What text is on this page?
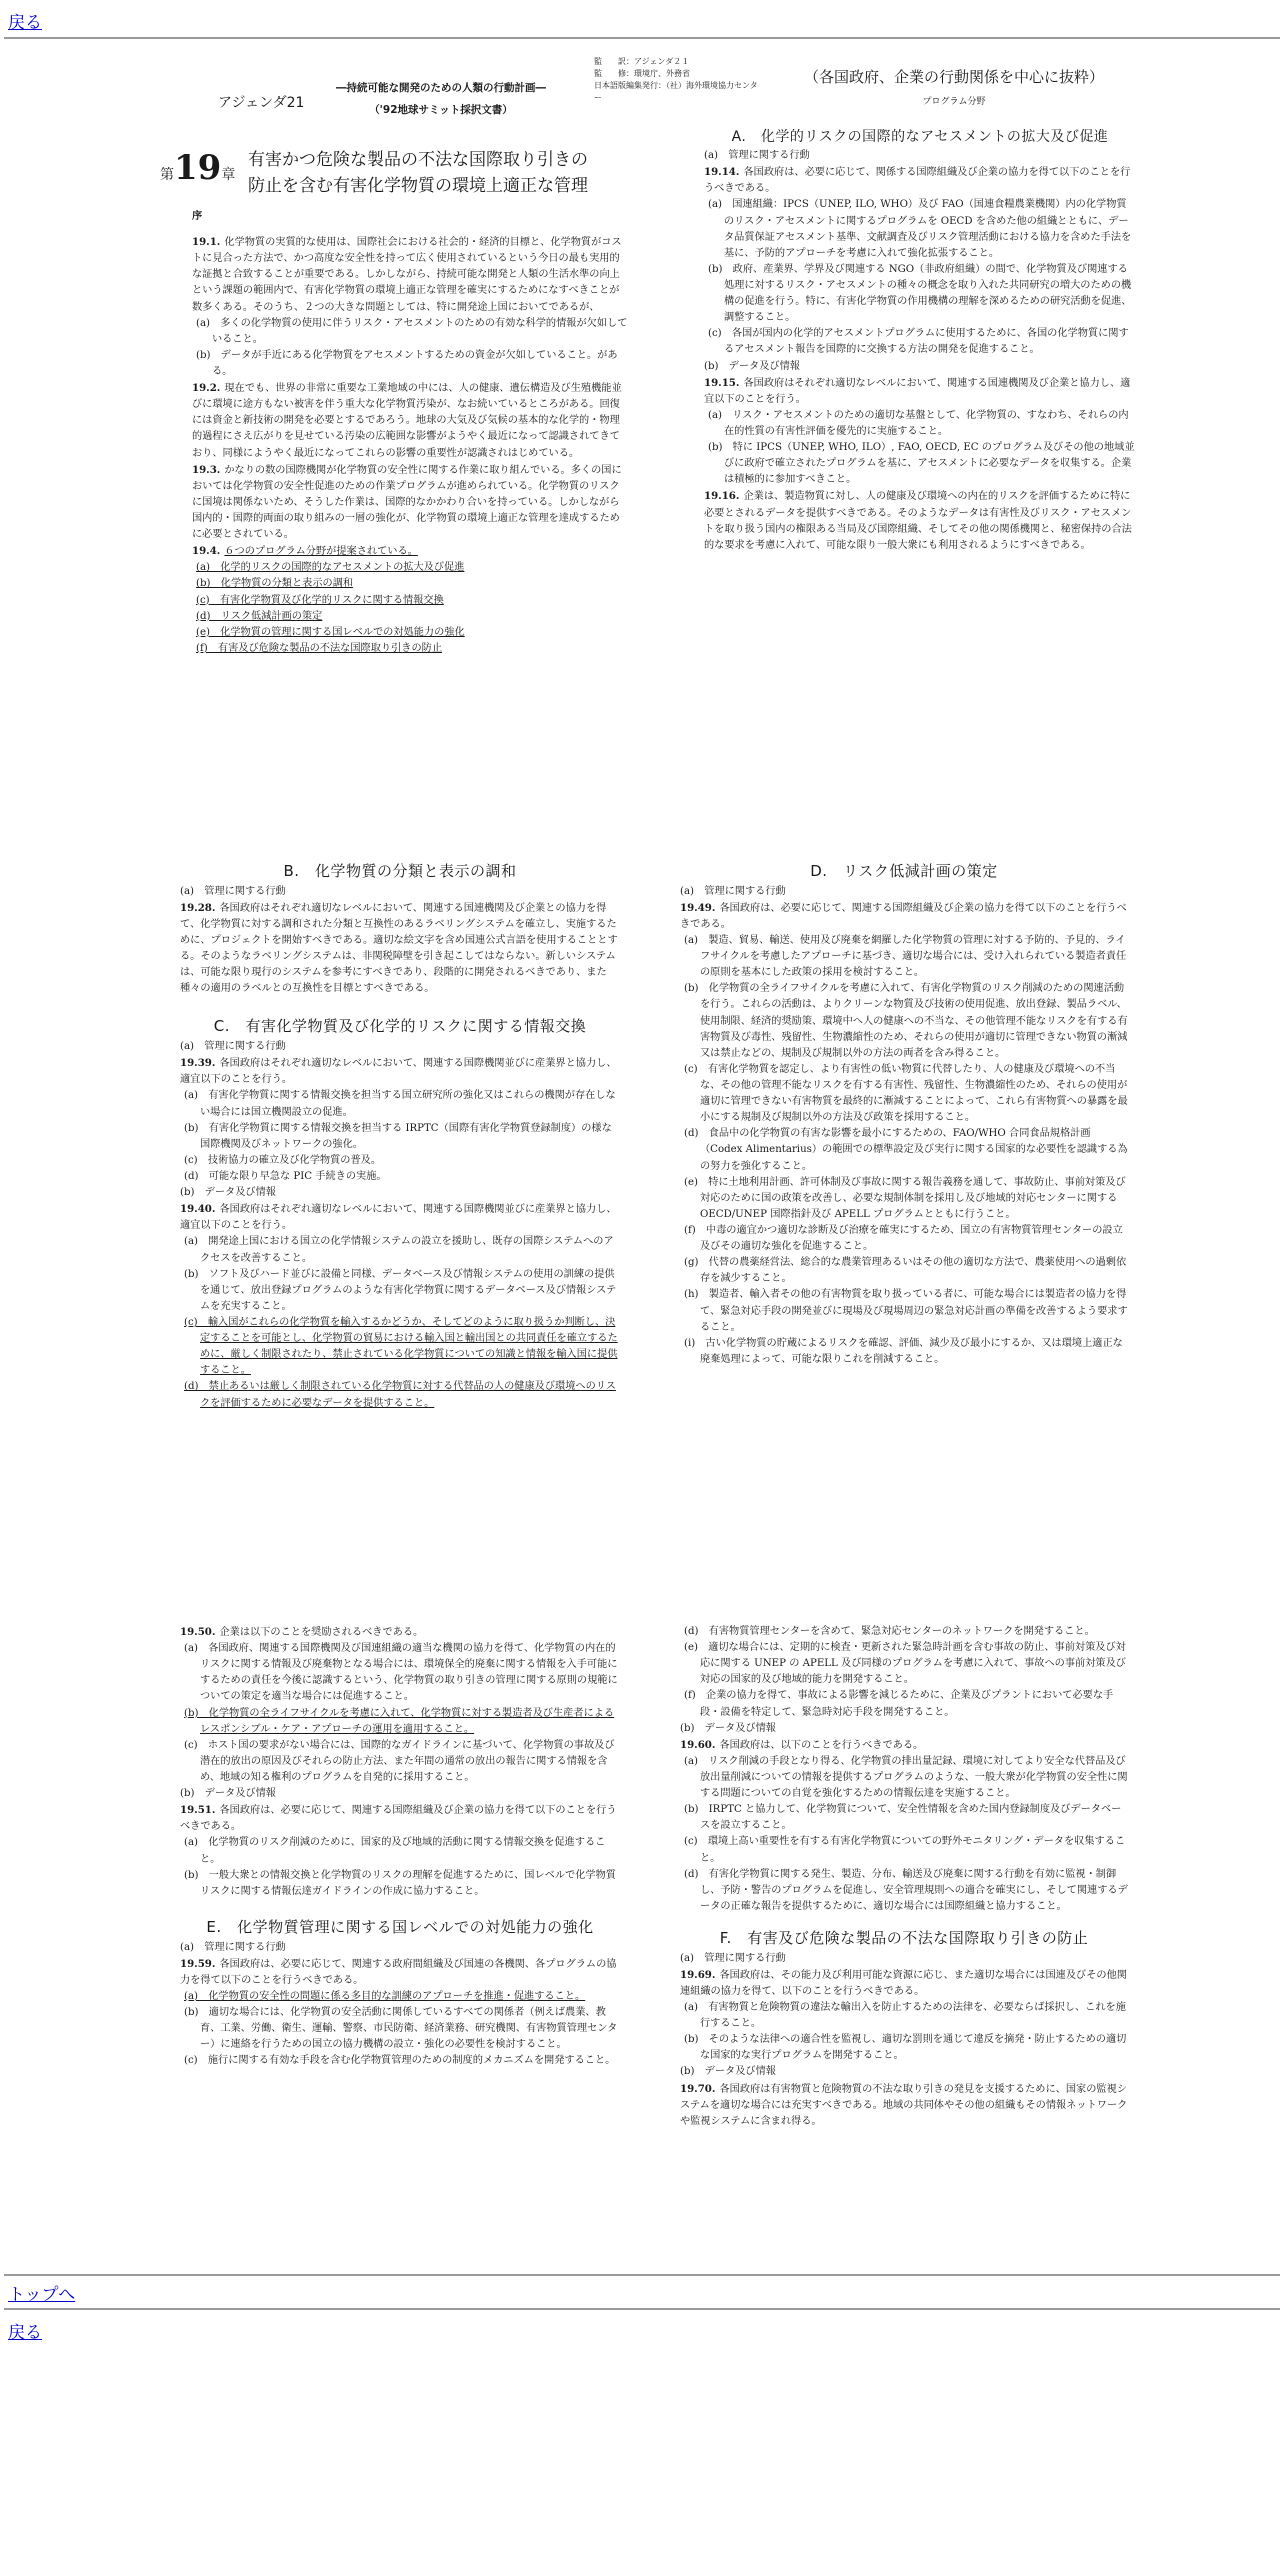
戻る
アジェンダ21
―持続可能な開発のための人類の行動計画―
（'92地球サミット採択文書）
監　　訳：アジェンダ２１
監　　修：環境庁、外務省
日本語版編集発行：（社）海外環境協力センター
第19章
有害かつ危険な製品の不法な国際取り引きの
防止を含む有害化学物質の環境上適正な管理

序

19.1. 化学物質の実質的な使用は、国際社会における社会的・経済的目標と、化学物質がコストに見合った方法で、かつ高度な安全性を持って広く使用されているという今日の最も実用的な証拠と合致することが重要である。しかしながら、持続可能な開発と人類の生活水準の向上という課題の範囲内で、有害化学物質の環境上適正な管理を確実にするためになすべきことが数多くある。そのうち、２つの大きな問題としては、特に開発途上国においてであるが、

(a)　多くの化学物質の使用に伴うリスク・アセスメントのための有効な科学的情報が欠如していること。

(b)　データが手近にある化学物質をアセスメントするための資金が欠如していること。がある。

19.2. 現在でも、世界の非常に重要な工業地域の中には、人の健康、遺伝構造及び生殖機能並びに環境に途方もない被害を伴う重大な化学物質汚染が、なお続いているところがある。回復には資金と新技術の開発を必要とするであろう。地球の大気及び気候の基本的な化学的・物理的過程にさえ広がりを見せている汚染の広範囲な影響がようやく最近になって認識されてきており、同様にようやく最近になってこれらの影響の重要性が認識されはじめている。

19.3. かなりの数の国際機関が化学物質の安全性に関する作業に取り組んでいる。多くの国においては化学物質の安全性促進のための作業プログラムが進められている。化学物質のリスクに国境は関係ないため、そうした作業は、国際的なかかわり合いを持っている。しかしながら国内的・国際的両面の取り組みの一層の強化が、化学物質の環境上適正な管理を達成するために必要とされている。

19.4. ６つのプログラム分野が提案されている。

(a)　化学的リスクの国際的なアセスメントの拡大及び促進

(b)　化学物質の分類と表示の調和

(c)　有害化学物質及び化学的リスクに関する情報交換

(d)　リスク低減計画の策定

(e)　化学物質の管理に関する国レベルでの対処能力の強化

(f)　有害及び危険な製品の不法な国際取り引きの防止

（各国政府、企業の行動関係を中心に抜粋）
プログラム分野

A.　化学的リスクの国際的なアセスメントの拡大及び促進

(a)　管理に関する行動

19.14. 各国政府は、必要に応じて、関係する国際組織及び企業の協力を得て以下のことを行うべきである。

(a)　国連組織：IPCS（UNEP, ILO, WHO）及び FAO（国連食糧農業機関）内の化学物質のリスク・アセスメントに関するプログラムを OECD を含めた他の組織とともに、データ品質保証アセスメント基準、文献調査及びリスク管理活動における協力を含めた手法を基に、予防的アプローチを考慮に入れて強化拡張すること。

(b)　政府、産業界、学界及び関連する NGO（非政府組織）の間で、化学物質及び関連する処理に対するリスク・アセスメントの種々の概念を取り入れた共同研究の増大のための機構の促進を行う。特に、有害化学物質の作用機構の理解を深めるための研究活動を促進、調整すること。

(c)　各国が国内の化学的アセスメントプログラムに使用するために、各国の化学物質に関するアセスメント報告を国際的に交換する方法の開発を促進すること。

(b)　データ及び情報

19.15. 各国政府はそれぞれ適切なレベルにおいて、関連する国連機関及び企業と協力し、適宜以下のことを行う。

(a)　リスク・アセスメントのための適切な基盤として、化学物質の、すなわち、それらの内在的性質の有害性評価を優先的に実施すること。

(b)　特に IPCS（UNEP, WHO, ILO）, FAO, OECD, EC のプログラム及びその他の地域並びに政府で確立されたプログラムを基に、アセスメントに必要なデータを収集する。企業は積極的に参加すべきこと。

19.16. 企業は、製造物質に対し、人の健康及び環境への内在的リスクを評価するために特に必要とされるデータを提供すべきである。そのようなデータは有害性及びリスク・アセスメントを取り扱う国内の権限ある当局及び国際組織、そしてその他の関係機関と、秘密保持の合法的な要求を考慮に入れて、可能な限り一般大衆にも利用されるようにすべきである。

B.　化学物質の分類と表示の調和

(a)　管理に関する行動

19.28. 各国政府はそれぞれ適切なレベルにおいて、関連する国連機関及び企業との協力を得て、化学物質に対する調和された分類と互換性のあるラベリングシステムを確立し、実施するために、プロジェクトを開始すべきである。適切な絵文字を含め国連公式言語を使用することとする。そのようなラベリングシステムは、非関税障壁を引き起こしてはならない。新しいシステムは、可能な限り現行のシステムを参考にすべきであり、段階的に開発されるべきであり、また種々の適用のラベルとの互換性を目標とすべきである。

C.　有害化学物質及び化学的リスクに関する情報交換

(a)　管理に関する行動

19.39. 各国政府はそれぞれ適切なレベルにおいて、関連する国際機関並びに産業界と協力し、適宜以下のことを行う。

(a)　有害化学物質に関する情報交換を担当する国立研究所の強化又はこれらの機関が存在しない場合には国立機関設立の促進。

(b)　有害化学物質に関する情報交換を担当する IRPTC（国際有害化学物質登録制度）の様な国際機関及びネットワークの強化。

(c)　技術協力の確立及び化学物質の普及。

(d)　可能な限り早急な PIC 手続きの実施。

(b)　データ及び情報

19.40. 各国政府はそれぞれ適切なレベルにおいて、関連する国際機関並びに産業界と協力し、適宜以下のことを行う。

(a)　開発途上国における国立の化学情報システムの設立を援助し、既存の国際システムへのアクセスを改善すること。

(b)　ソフト及びハード並びに設備と同様、データベース及び情報システムの使用の訓練の提供を通じて、放出登録プログラムのような有害化学物質に関するデータベース及び情報システムを充実すること。

(c)　輸入国がこれらの化学物質を輸入するかどうか、そしてどのように取り扱うか判断し、決定することを可能とし、化学物質の貿易における輸入国と輸出国との共同責任を確立するために、厳しく制限されたり、禁止されている化学物質についての知識と情報を輸入国に提供すること。

(d)　禁止あるいは厳しく制限されている化学物質に対する代替品の人の健康及び環境へのリスクを評価するために必要なデータを提供すること。

D.　リスク低減計画の策定

(a)　管理に関する行動

19.49. 各国政府は、必要に応じて、関連する国際組織及び企業の協力を得て以下のことを行うべきである。

(a)　製造、貿易、輸送、使用及び廃棄を網羅した化学物質の管理に対する予防的、予見的、ライフサイクルを考慮したアプローチに基づき、適切な場合には、受け入れられている製造者責任の原則を基本にした政策の採用を検討すること。

(b)　化学物質の全ライフサイクルを考慮に入れて、有害化学物質のリスク削減のための関連活動を行う。これらの活動は、よりクリーンな物質及び技術の使用促進、放出登録、製品ラベル、使用制限、経済的奨励策、環境中へ人の健康への不当な、その他管理不能なリスクを有する有害物質及び毒性、残留性、生物濃縮性のため、それらの使用が適切に管理できない物質の漸減又は禁止などの、規制及び規制以外の方法の両者を含み得ること。

(c)　有害化学物質を認定し、より有害性の低い物質に代替したり、人の健康及び環境への不当な、その他の管理不能なリスクを有する有害性、残留性、生物濃縮性のため、それらの使用が適切に管理できない有害物質を最終的に漸減することによって、これら有害物質への暴露を最小にする規制及び規制以外の方法及び政策を採用すること。

(d)　食品中の化学物質の有害な影響を最小にするための、FAO/WHO 合同食品規格計画（Codex Alimentarius）の範囲での標準設定及び実行に関する国家的な必要性を認識する為の努力を強化すること。

(e)　特に土地利用計画、許可体制及び事故に関する報告義務を通して、事故防止、事前対策及び対応のために国の政策を改善し、必要な規制体制を採用し及び地域的対応センターに関する OECD/UNEP 国際指針及び APELL プログラムとともに行うこと。

(f)　中毒の適宜かつ適切な診断及び治療を確実にするため、国立の有害物質管理センターの設立及びその適切な強化を促進すること。

(g)　代替の農薬経営法、総合的な農業管理あるいはその他の適切な方法で、農薬使用への過剰依存を減少すること。

(h)　製造者、輸入者その他の有害物質を取り扱っている者に、可能な場合には製造者の協力を得て、緊急対応手段の開発並びに現場及び現場周辺の緊急対応計画の準備を改善するよう要求すること。

(i)　古い化学物質の貯蔵によるリスクを確認、評価、減少及び最小にするか、又は環境上適正な廃棄処理によって、可能な限りこれを削減すること。

19.50. 企業は以下のことを奨励されるべきである。

(a)　各国政府、関連する国際機関及び国連組織の適当な機関の協力を得て、化学物質の内在的リスクに関する情報及び廃棄物となる場合には、環境保全的廃棄に関する情報を入手可能にするための責任を今後に認識するという、化学物質の取り引きの管理に関する原則の規範についての策定を適当な場合には促進すること。

(b)　化学物質の全ライフサイクルを考慮に入れて、化学物質に対する製造者及び生産者によるレスポンシブル・ケア・アプローチの運用を適用すること。

(c)　ホスト国の要求がない場合には、国際的なガイドラインに基づいて、化学物質の事故及び潜在的放出の原因及びそれらの防止方法、また年間の通常の放出の報告に関する情報を含め、地域の知る権利のプログラムを自発的に採用すること。

(b)　データ及び情報

19.51. 各国政府は、必要に応じて、関連する国際組織及び企業の協力を得て以下のことを行うべきである。

(a)　化学物質のリスク削減のために、国家的及び地域的活動に関する情報交換を促進すること。

(b)　一般大衆との情報交換と化学物質のリスクの理解を促進するために、国レベルで化学物質リスクに関する情報伝達ガイドラインの作成に協力すること。

E.　化学物質管理に関する国レベルでの対処能力の強化

(a)　管理に関する行動

19.59. 各国政府は、必要に応じて、関連する政府間組織及び国連の各機関、各プログラムの協力を得て以下のことを行うべきである。

(a)　化学物質の安全性の問題に係る多目的な訓練のアプローチを推進・促進すること。

(b)　適切な場合には、化学物質の安全活動に関係しているすべての関係者（例えば農業、教育、工業、労働、衛生、運輸、警察、市民防衛、経済業務、研究機関、有害物質管理センター）に連絡を行うための国立の協力機構の設立・強化の必要性を検討すること。

(c)　施行に関する有効な手段を含む化学物質管理のための制度的メカニズムを開発すること。

(d)　有害物質管理センターを含めて、緊急対応センターのネットワークを開発すること。

(e)　適切な場合には、定期的に検査・更新された緊急時計画を含む事故の防止、事前対策及び対応に関する UNEP の APELL 及び同様のプログラムを考慮に入れて、事故への事前対策及び対応の国家的及び地域的能力を開発すること。

(f)　企業の協力を得て、事故による影響を減じるために、企業及びプラントにおいて必要な手段・設備を特定して、緊急時対応手段を開発すること。

(b)　データ及び情報

19.60. 各国政府は、以下のことを行うべきである。

(a)　リスク削減の手段となり得る、化学物質の排出量記録、環境に対してより安全な代替品及び放出量削減についての情報を提供するプログラムのような、一般大衆が化学物質の安全性に関する問題についての自覚を強化するための情報伝達を実施すること。

(b)　IRPTC と協力して、化学物質について、安全性情報を含めた国内登録制度及びデータベースを設立すること。

(c)　環境上高い重要性を有する有害化学物質についての野外モニタリング・データを収集すること。

(d)　有害化学物質に関する発生、製造、分布、輸送及び廃棄に関する行動を有効に監視・制御し、予防・警告のプログラムを促進し、安全管理規則への適合を確実にし、そして関連するデータの正確な報告を提供するために、適切な場合には国際組織と協力すること。

F.　有害及び危険な製品の不法な国際取り引きの防止

(a)　管理に関する行動

19.69. 各国政府は、その能力及び利用可能な資源に応じ、また適切な場合には国連及びその他関連組織の協力を得て、以下のことを行うべきである。

(a)　有害物質と危険物質の違法な輸出入を防止するための法律を、必要ならば採択し、これを施行すること。

(b)　そのような法律への適合性を監視し、適切な罰則を通じて違反を摘発・防止するための適切な国家的な実行プログラムを開発すること。

(b)　データ及び情報

19.70. 各国政府は有害物質と危険物質の不法な取り引きの発見を支援するために、国家の監視システムを適切な場合には充実すべきである。地域の共同体やその他の組織もその情報ネットワークや監視システムに含まれ得る。

トップへ
戻る
